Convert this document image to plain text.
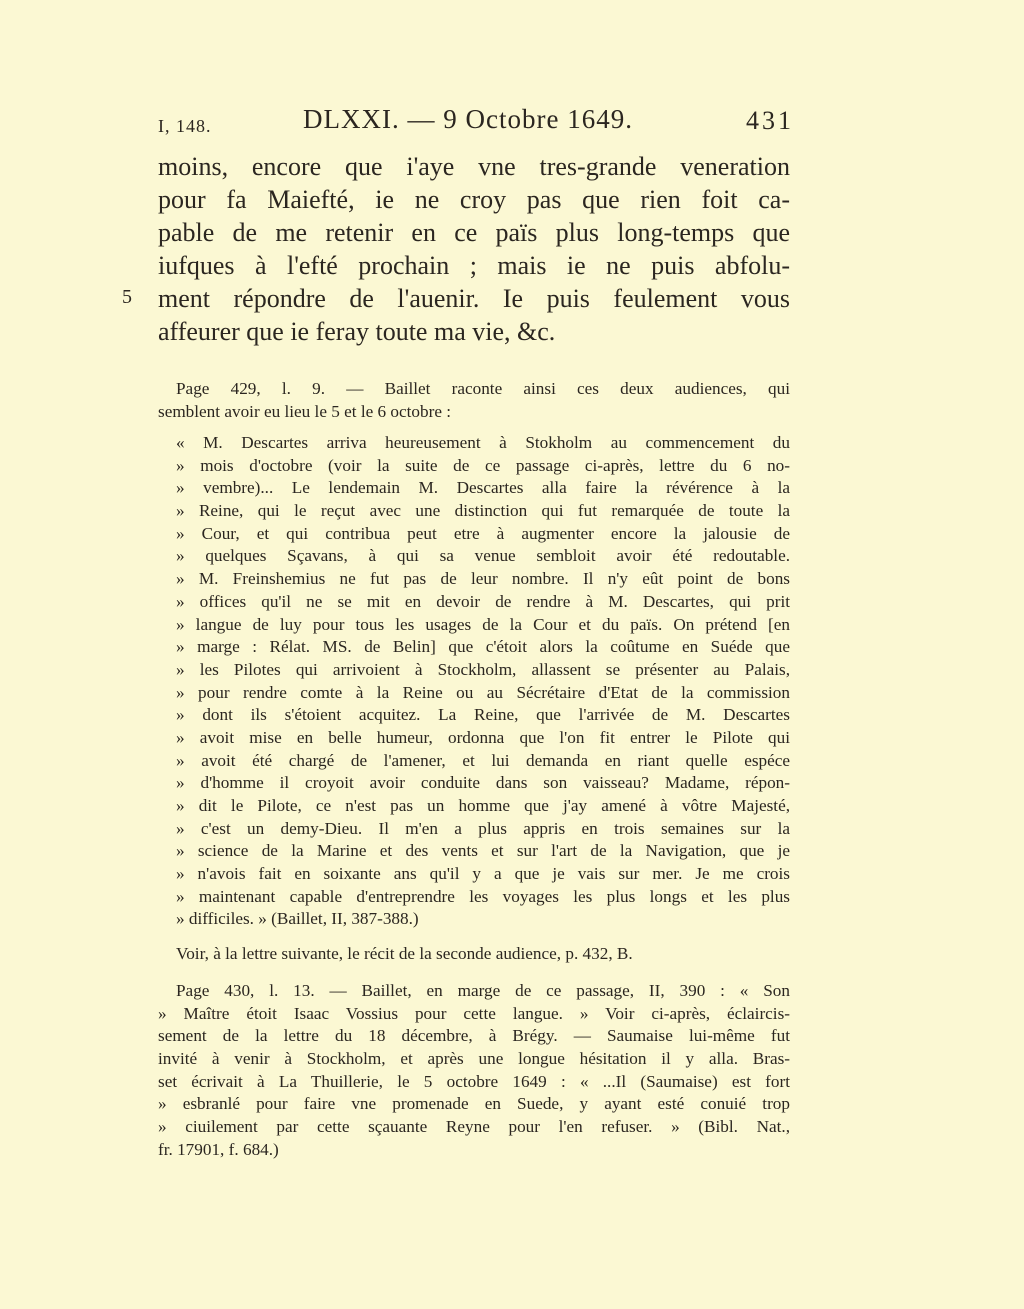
I, 148.	DLXXI. — 9 Octobre 1649.	431
5
moins, encore que i'aye vne tres-grande veneration
pour fa Maiefté, ie ne croy pas que rien foit ca-
pable de me retenir en ce païs plus long-temps que
iufques à l'efté prochain ; mais ie ne puis abfolu-
ment répondre de l'auenir. Ie puis feulement vous
affeurer que ie feray toute ma vie, &c.
Page 429, l. 9. — Baillet raconte ainsi ces deux audiences, qui
semblent avoir eu lieu le 5 et le 6 octobre :
« M. Descartes arriva heureusement à Stokholm au commencement du
» mois d'octobre (voir la suite de ce passage ci-après, lettre du 6 no-
» vembre)... Le lendemain M. Descartes alla faire la révérence à la
» Reine, qui le reçut avec une distinction qui fut remarquée de toute la
» Cour, et qui contribua peut etre à augmenter encore la jalousie de
» quelques Sçavans, à qui sa venue sembloit avoir été redoutable.
» M. Freinshemius ne fut pas de leur nombre. Il n'y eût point de bons
» offices qu'il ne se mit en devoir de rendre à M. Descartes, qui prit
» langue de luy pour tous les usages de la Cour et du païs. On prétend [en
» marge : Rélat. MS. de Belin] que c'étoit alors la coûtume en Suéde que
» les Pilotes qui arrivoient à Stockholm, allassent se présenter au Palais,
» pour rendre comte à la Reine ou au Sécrétaire d'Etat de la commission
» dont ils s'étoient acquitez. La Reine, que l'arrivée de M. Descartes
» avoit mise en belle humeur, ordonna que l'on fit entrer le Pilote qui
» avoit été chargé de l'amener, et lui demanda en riant quelle espéce
» d'homme il croyoit avoir conduite dans son vaisseau? Madame, répon-
» dit le Pilote, ce n'est pas un homme que j'ay amené à vôtre Majesté,
» c'est un demy-Dieu. Il m'en a plus appris en trois semaines sur la
» science de la Marine et des vents et sur l'art de la Navigation, que je
» n'avois fait en soixante ans qu'il y a que je vais sur mer. Je me crois
» maintenant capable d'entreprendre les voyages les plus longs et les plus
» difficiles. » (Baillet, II, 387-388.)
Voir, à la lettre suivante, le récit de la seconde audience, p. 432, B.
Page 430, l. 13. — Baillet, en marge de ce passage, II, 390 : « Son
» Maître étoit Isaac Vossius pour cette langue. » Voir ci-après, éclaircis-
sement de la lettre du 18 décembre, à Brégy. — Saumaise lui-même fut
invité à venir à Stockholm, et après une longue hésitation il y alla. Bras-
set écrivait à La Thuillerie, le 5 octobre 1649 : « ...Il (Saumaise) est fort
» esbranlé pour faire vne promenade en Suede, y ayant esté conuié trop
» ciuilement par cette sçauante Reyne pour l'en refuser. » (Bibl. Nat.,
fr. 17901, f. 684.)
